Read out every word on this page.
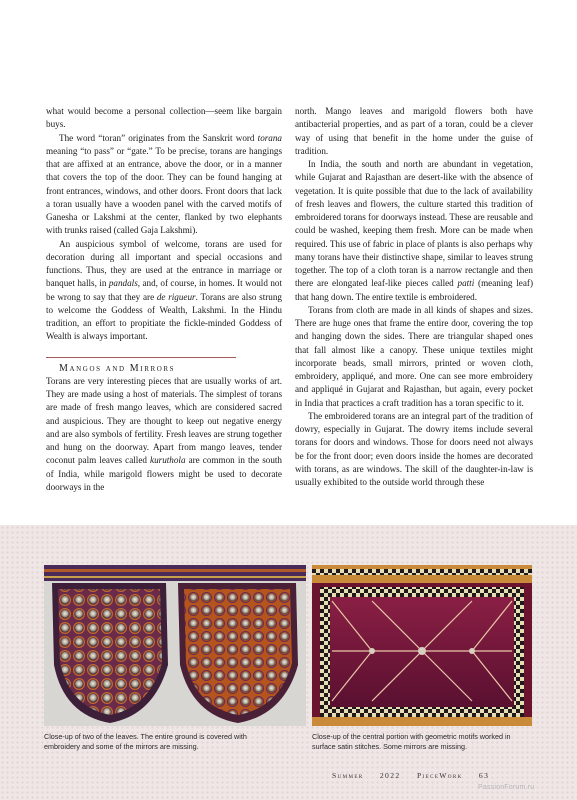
what would become a personal collection—seem like bargain buys.

The word “toran” originates from the Sanskrit word torana meaning “to pass” or “gate.” To be precise, torans are hangings that are affixed at an entrance, above the door, or in a manner that covers the top of the door. They can be found hanging at front entrances, windows, and other doors. Front doors that lack a toran usually have a wooden panel with the carved motifs of Ganesha or Lakshmi at the center, flanked by two elephants with trunks raised (called Gaja Lakshmi).

An auspicious symbol of welcome, torans are used for decoration during all important and special occasions and functions. Thus, they are used at the entrance in marriage or banquet halls, in pandals, and, of course, in homes. It would not be wrong to say that they are de rigueur. Torans are also strung to welcome the Goddess of Wealth, Lakshmi. In the Hindu tradition, an effort to propitiate the fickle-minded Goddess of Wealth is always important.

Mangos and Mirrors

Torans are very interesting pieces that are usually works of art. They are made using a host of materials. The simplest of torans are made of fresh mango leaves, which are considered sacred and auspicious. They are thought to keep out negative energy and are also symbols of fertility. Fresh leaves are strung together and hung on the doorway. Apart from mango leaves, tender coconut palm leaves called kuruthola are common in the south of India, while marigold flowers might be used to decorate doorways in the

north. Mango leaves and marigold flowers both have antibacterial properties, and as part of a toran, could be a clever way of using that benefit in the home under the guise of tradition.

In India, the south and north are abundant in vegetation, while Gujarat and Rajasthan are desert-like with the absence of vegetation. It is quite possible that due to the lack of availability of fresh leaves and flowers, the culture started this tradition of embroidered torans for doorways instead. These are reusable and could be washed, keeping them fresh. More can be made when required. This use of fabric in place of plants is also perhaps why many torans have their distinctive shape, similar to leaves strung together. The top of a cloth toran is a narrow rectangle and then there are elongated leaf-like pieces called patti (meaning leaf) that hang down. The entire textile is embroidered.

Torans from cloth are made in all kinds of shapes and sizes. There are huge ones that frame the entire door, covering the top and hanging down the sides. There are triangular shaped ones that fall almost like a canopy. These unique textiles might incorporate beads, small mirrors, printed or woven cloth, embroidery, appliqué, and more. One can see more embroidery and appliqué in Gujarat and Rajasthan, but again, every pocket in India that practices a craft tradition has a toran specific to it.

The embroidered torans are an integral part of the tradition of dowry, especially in Gujarat. The dowry items include several torans for doors and windows. Those for doors need not always be for the front door; even doors inside the homes are decorated with torans, as are windows. The skill of the daughter-in-law is usually exhibited to the outside world through these

Close-up of two of the leaves. The entire ground is covered with embroidery and some of the mirrors are missing.
Close-up of the central portion with geometric motifs worked in surface satin stitches. Some mirrors are missing.
Summer 2022 PieceWork 63
PassionForum.ru
